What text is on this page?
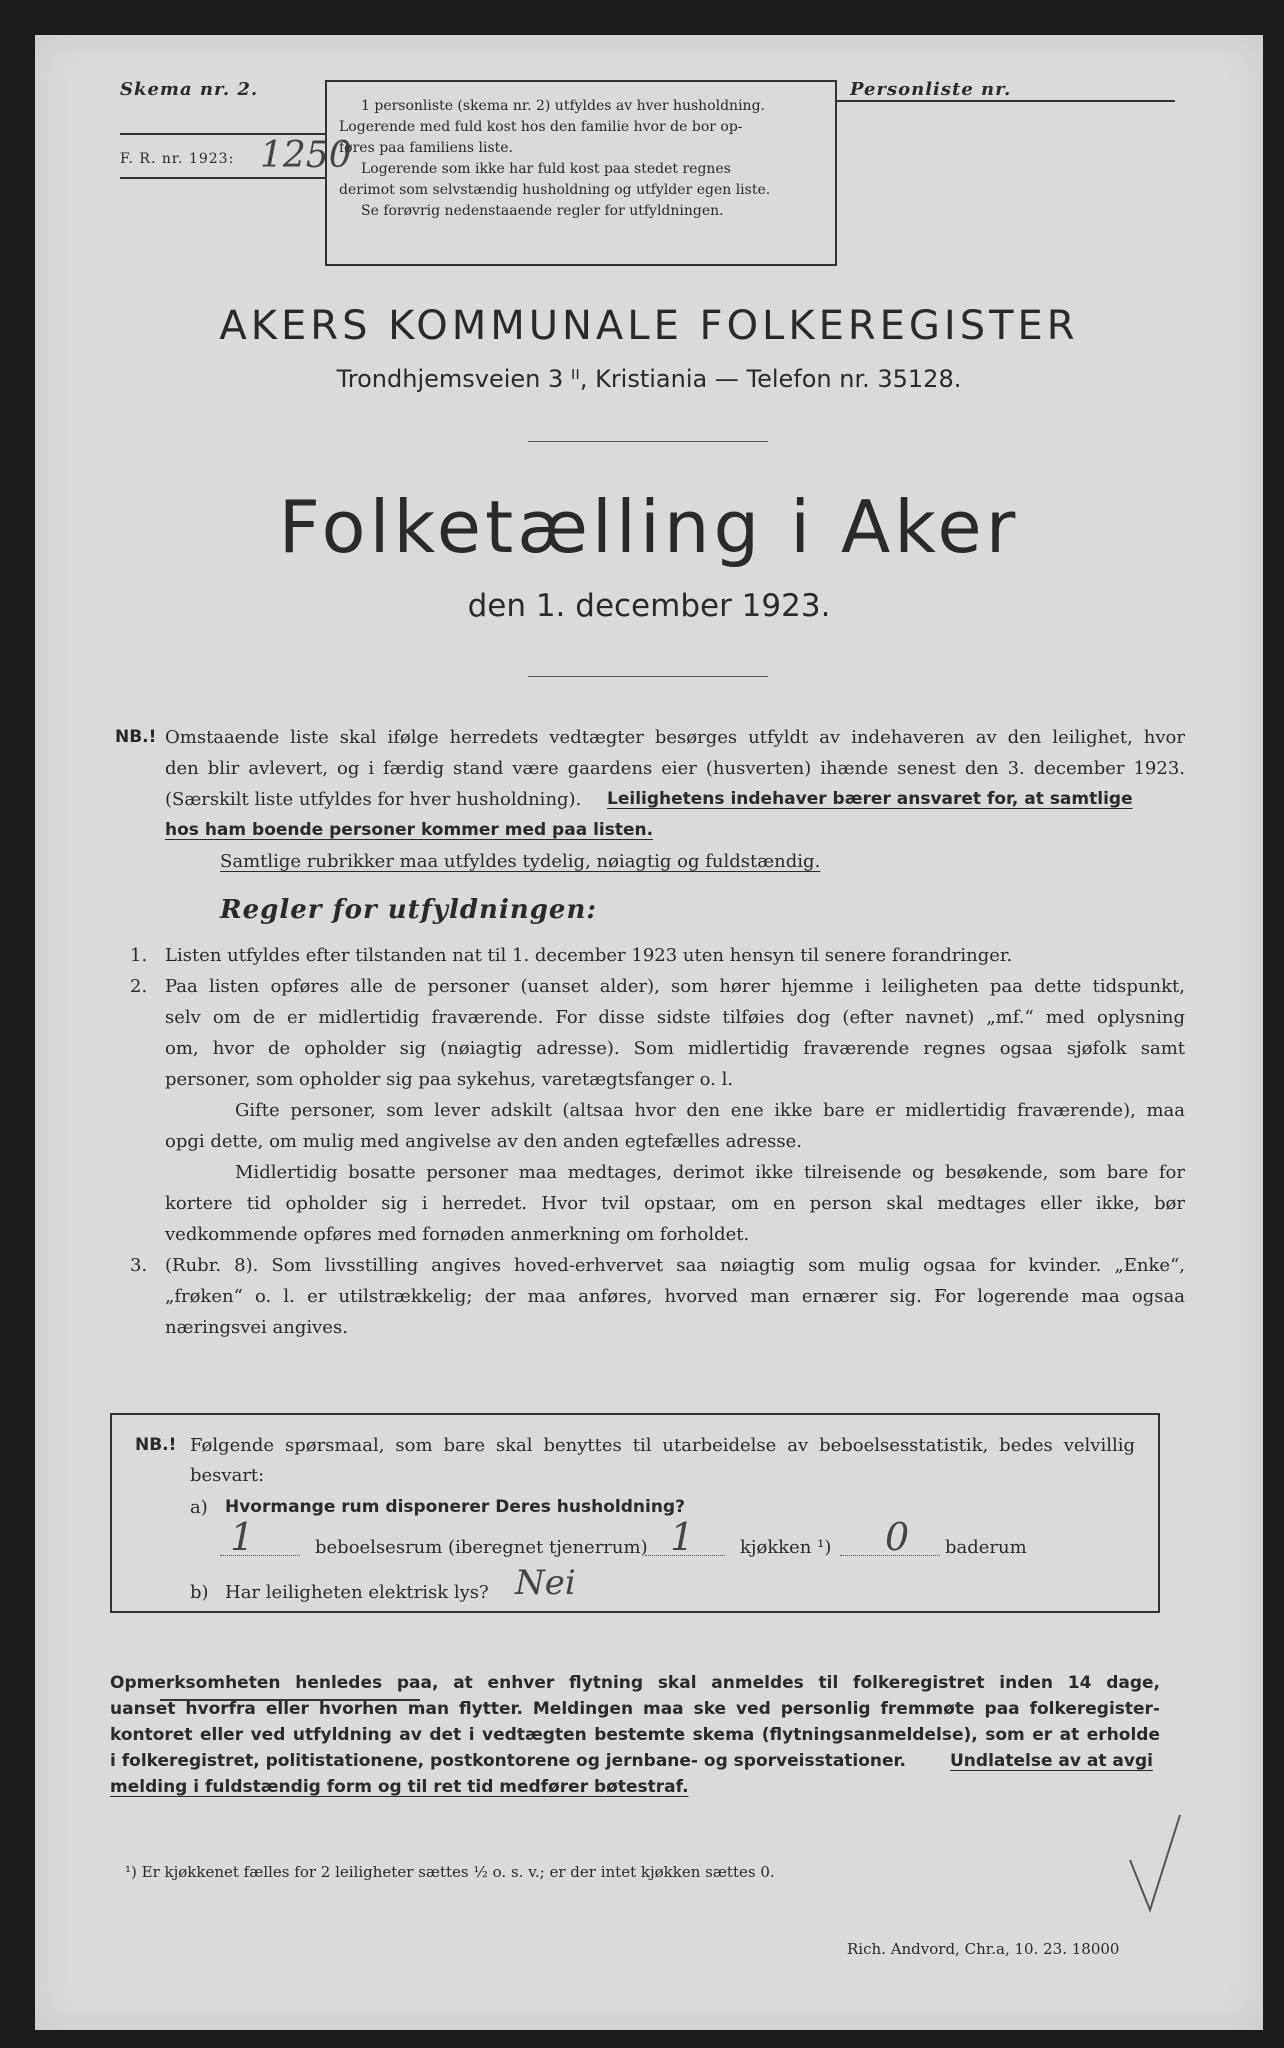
Skema nr. 2.
F. R. nr. 1923: 1250

1 personliste (skema nr. 2) utfyldes av hver husholdning.

Logerende med fuld kost hos den familie hvor de bor op-

føres paa familiens liste.

Logerende som ikke har fuld kost paa stedet regnes

derimot som selvstændig husholdning og utfylder egen liste.

Se forøvrig nedenstaaende regler for utfyldningen.

Personliste nr.
AKERS KOMMUNALE FOLKEREGISTER
Trondhjemsveien 3 ᴵᴵ, Kristiania — Telefon nr. 35128.
Folketælling i Aker
den 1. december 1923.
NB.! Omstaaende liste skal ifølge herredets vedtægter besørges utfyldt av indehaveren av den leilighet, hvor
den blir avlevert, og i færdig stand være gaardens eier (husverten) ihænde senest den 3. december 1923.
(Særskilt liste utfyldes for hver husholdning). Leilighetens indehaver bærer ansvaret for, at samtlige
hos ham boende personer kommer med paa listen.
Samtlige rubrikker maa utfyldes tydelig, nøiagtig og fuldstændig.
Regler for utfyldningen:
1. Listen utfyldes efter tilstanden nat til 1. december 1923 uten hensyn til senere forandringer.
2. Paa listen opføres alle de personer (uanset alder), som hører hjemme i leiligheten paa dette tidspunkt,
selv om de er midlertidig fraværende. For disse sidste tilføies dog (efter navnet) „mf.“ med oplysning
om, hvor de opholder sig (nøiagtig adresse). Som midlertidig fraværende regnes ogsaa sjøfolk samt
personer, som opholder sig paa sykehus, varetægtsfanger o. l.
Gifte personer, som lever adskilt (altsaa hvor den ene ikke bare er midlertidig fraværende), maa
opgi dette, om mulig med angivelse av den anden egtefælles adresse.
Midlertidig bosatte personer maa medtages, derimot ikke tilreisende og besøkende, som bare for
kortere tid opholder sig i herredet. Hvor tvil opstaar, om en person skal medtages eller ikke, bør
vedkommende opføres med fornøden anmerkning om forholdet.
3. (Rubr. 8). Som livsstilling angives hoved-erhvervet saa nøiagtig som mulig ogsaa for kvinder. „Enke“,
„frøken“ o. l. er utilstrækkelig; der maa anføres, hvorved man ernærer sig. For logerende maa ogsaa
næringsvei angives.
NB.! Følgende spørsmaal, som bare skal benyttes til utarbeidelse av beboelsesstatistik, bedes velvillig
besvart:
a) Hvormange rum disponerer Deres husholdning?
1	beboelsesrum (iberegnet tjenerrum) 1	kjøkken ¹) 0 baderum
b) Har leiligheten elektrisk lys? Nei
Opmerksomheten henledes paa, at enhver flytning skal anmeldes til folkeregistret inden 14 dage,
uanset hvorfra eller hvorhen man flytter. Meldingen maa ske ved personlig fremmøte paa folkeregister-
kontoret eller ved utfyldning av det i vedtægten bestemte skema (flytningsanmeldelse), som er at erholde
i folkeregistret, politistationene, postkontorene og jernbane- og sporveisstationer.	Undlatelse av at avgi
melding i fuldstændig form og til ret tid medfører bøtestraf.
¹) Er kjøkkenet fælles for 2 leiligheter sættes ½ o. s. v.; er der intet kjøkken sættes 0.
Rich. Andvord, Chr.a, 10. 23. 18000
